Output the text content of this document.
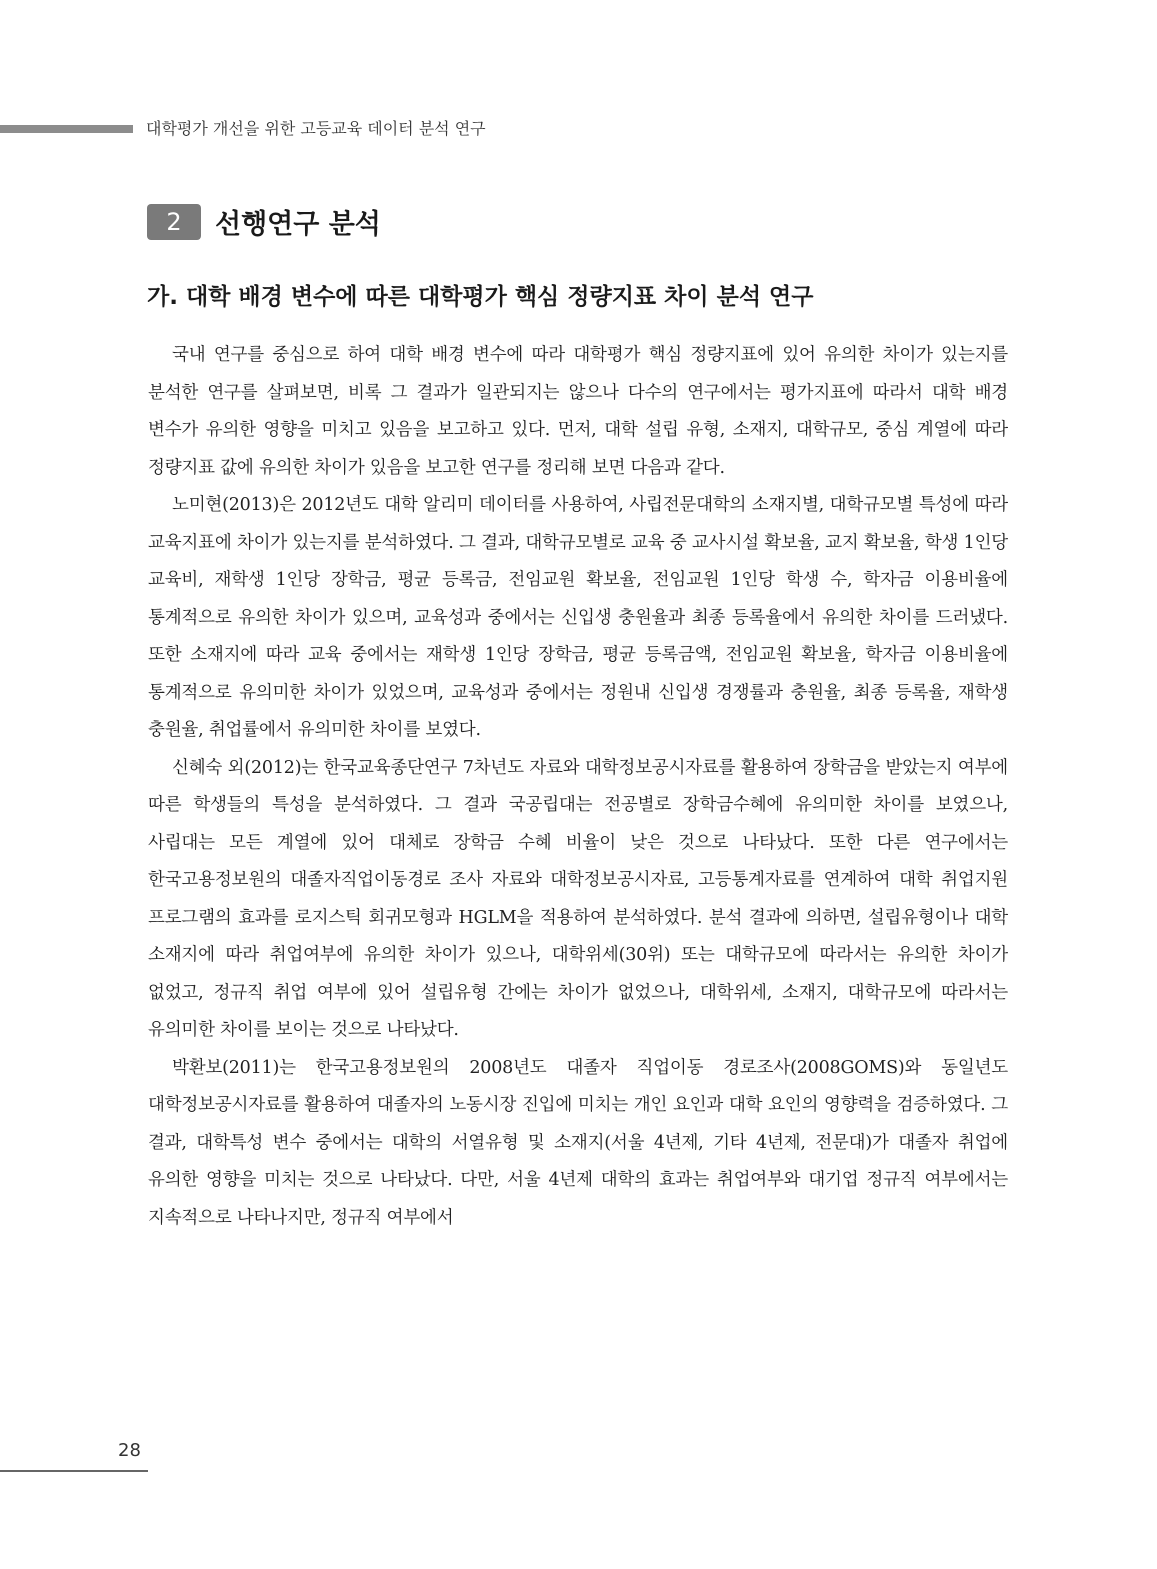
대학평가 개선을 위한 고등교육 데이터 분석 연구
2	선행연구 분석
가. 대학 배경 변수에 따른 대학평가 핵심 정량지표 차이 분석 연구

국내 연구를 중심으로 하여 대학 배경 변수에 따라 대학평가 핵심 정량지표에 있어 유의한 차이가 있는지를 분석한 연구를 살펴보면, 비록 그 결과가 일관되지는 않으나 다수의 연구에서는 평가지표에 따라서 대학 배경 변수가 유의한 영향을 미치고 있음을 보고하고 있다. 먼저, 대학 설립 유형, 소재지, 대학규모, 중심 계열에 따라 정량지표 값에 유의한 차이가 있음을 보고한 연구를 정리해 보면 다음과 같다.

노미현(2013)은 2012년도 대학 알리미 데이터를 사용하여, 사립전문대학의 소재지별, 대학규모별 특성에 따라 교육지표에 차이가 있는지를 분석하였다. 그 결과, 대학규모별로 교육 중 교사시설 확보율, 교지 확보율, 학생 1인당 교육비, 재학생 1인당 장학금, 평균 등록금, 전임교원 확보율, 전임교원 1인당 학생 수, 학자금 이용비율에 통계적으로 유의한 차이가 있으며, 교육성과 중에서는 신입생 충원율과 최종 등록율에서 유의한 차이를 드러냈다. 또한 소재지에 따라 교육 중에서는 재학생 1인당 장학금, 평균 등록금액, 전임교원 확보율, 학자금 이용비율에 통계적으로 유의미한 차이가 있었으며, 교육성과 중에서는 정원내 신입생 경쟁률과 충원율, 최종 등록율, 재학생 충원율, 취업률에서 유의미한 차이를 보였다.

신혜숙 외(2012)는 한국교육종단연구 7차년도 자료와 대학정보공시자료를 활용하여 장학금을 받았는지 여부에 따른 학생들의 특성을 분석하였다. 그 결과 국공립대는 전공별로 장학금수혜에 유의미한 차이를 보였으나, 사립대는 모든 계열에 있어 대체로 장학금 수혜 비율이 낮은 것으로 나타났다. 또한 다른 연구에서는 한국고용정보원의 대졸자직업이동경로 조사 자료와 대학정보공시자료, 고등통계자료를 연계하여 대학 취업지원 프로그램의 효과를 로지스틱 회귀모형과 HGLM을 적용하여 분석하였다. 분석 결과에 의하면, 설립유형이나 대학 소재지에 따라 취업여부에 유의한 차이가 있으나, 대학위세(30위) 또는 대학규모에 따라서는 유의한 차이가 없었고, 정규직 취업 여부에 있어 설립유형 간에는 차이가 없었으나, 대학위세, 소재지, 대학규모에 따라서는 유의미한 차이를 보이는 것으로 나타났다.

박환보(2011)는 한국고용정보원의 2008년도 대졸자 직업이동 경로조사(2008GOMS)와 동일년도 대학정보공시자료를 활용하여 대졸자의 노동시장 진입에 미치는 개인 요인과 대학 요인의 영향력을 검증하였다. 그 결과, 대학특성 변수 중에서는 대학의 서열유형 및 소재지(서울 4년제, 기타 4년제, 전문대)가 대졸자 취업에 유의한 영향을 미치는 것으로 나타났다. 다만, 서울 4년제 대학의 효과는 취업여부와 대기업 정규직 여부에서는 지속적으로 나타나지만, 정규직 여부에서

28
